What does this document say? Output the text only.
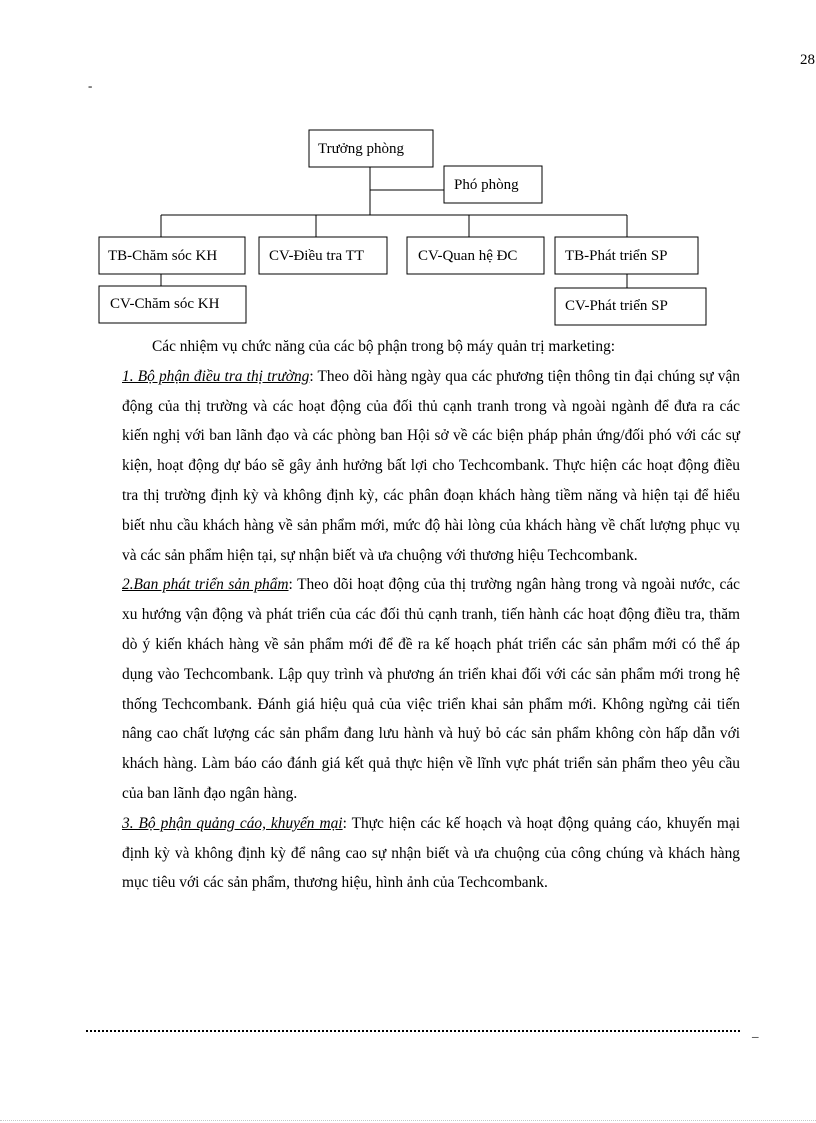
28
-
Trưởng phòng
Phó phòng
TB-Chăm sóc KH	CV-Điều tra TT	CV-Quan hệ ĐC	TB-Phát triển SP
CV-Chăm sóc KH	CV-Phát triển SP

Các nhiệm vụ chức năng của các bộ phận trong bộ máy quản trị marketing:

1. Bộ phận điều tra thị trường: Theo dõi hàng ngày qua các phương tiện thông tin đại chúng sự vận động của thị trường và các hoạt động của đối thủ cạnh tranh trong và ngoài ngành để đưa ra các kiến nghị với ban lãnh đạo và các phòng ban Hội sở về các biện pháp phản ứng/đối phó với các sự kiện, hoạt động dự báo sẽ gây ảnh hưởng bất lợi cho Techcombank. Thực hiện các hoạt động điều tra thị trường định kỳ và không định kỳ, các phân đoạn khách hàng tiềm năng và hiện tại để hiểu biết nhu cầu khách hàng về sản phẩm mới, mức độ hài lòng của khách hàng về chất lượng phục vụ và các sản phẩm hiện tại, sự nhận biết và ưa chuộng với thương hiệu Techcombank.

2.Ban phát triển sản phẩm: Theo dõi hoạt động của thị trường ngân hàng trong và ngoài nước, các xu hướng vận động và phát triển của các đối thủ cạnh tranh, tiến hành các hoạt động điều tra, thăm dò ý kiến khách hàng về sản phẩm mới để đề ra kế hoạch phát triển các sản phẩm mới có thể áp dụng vào Techcombank. Lập quy trình và phương án triển khai đối với các sản phẩm mới trong hệ thống Techcombank. Đánh giá hiệu quả của việc triển khai sản phẩm mới. Không ngừng cải tiến nâng cao chất lượng các sản phẩm đang lưu hành và huỷ bỏ các sản phẩm không còn hấp dẫn với khách hàng. Làm báo cáo đánh giá kết quả thực hiện về lĩnh vực phát triển sản phẩm theo yêu cầu của ban lãnh đạo ngân hàng.

3. Bộ phận quảng cáo, khuyến mại: Thực hiện các kế hoạch và hoạt động quảng cáo, khuyến mại định kỳ và không định kỳ để nâng cao sự nhận biết và ưa chuộng của công chúng và khách hàng mục tiêu với các sản phẩm, thương hiệu, hình ảnh của Techcombank.

_
